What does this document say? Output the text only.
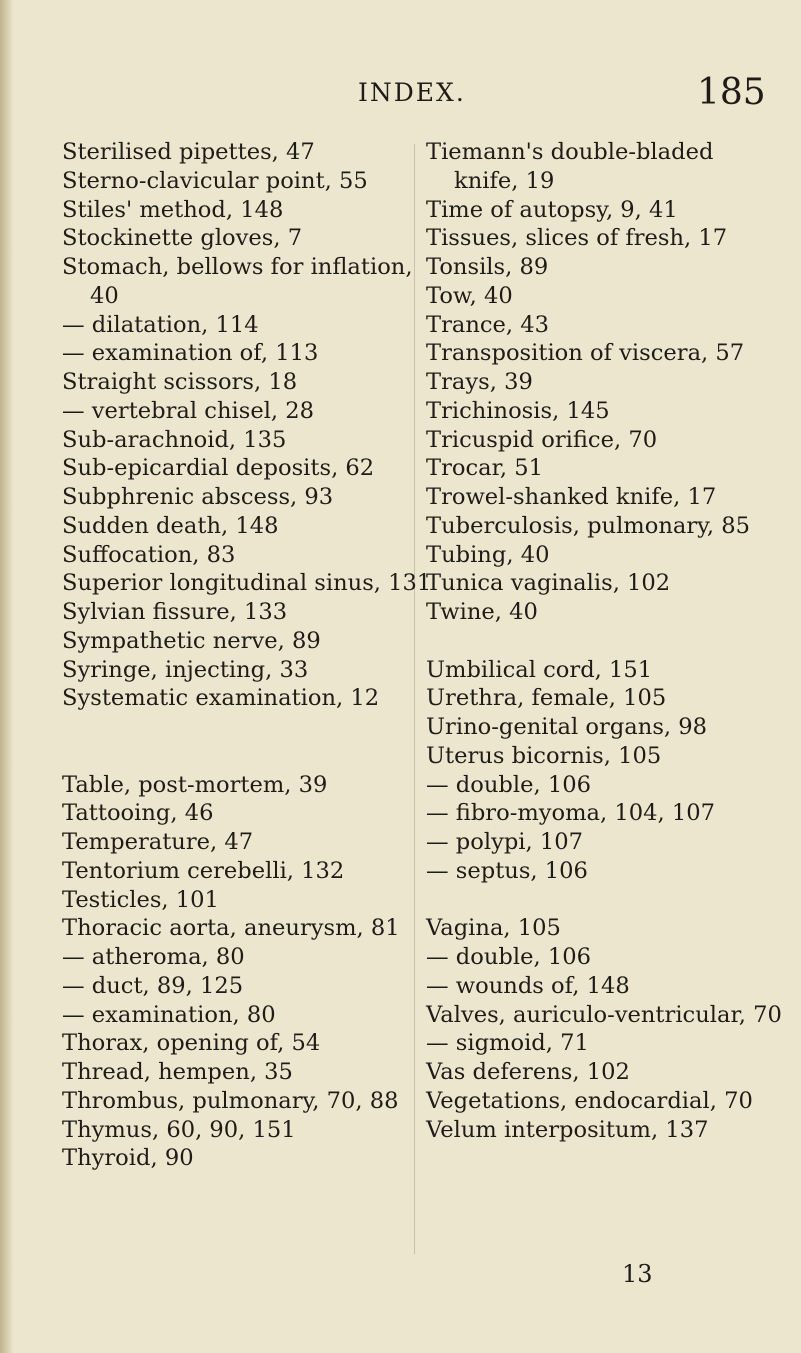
INDEX.	185
Sterilised pipettes, 47
Sterno-clavicular point, 55
Stiles' method, 148
Stockinette gloves, 7
Stomach, bellows for inflation, 40
— dilatation, 114
— examination of, 113
Straight scissors, 18
— vertebral chisel, 28
Sub-arachnoid, 135
Sub-epicardial deposits, 62
Subphrenic abscess, 93
Sudden death, 148
Suffocation, 83
Superior longitudinal sinus, 131
Sylvian fissure, 133
Sympathetic nerve, 89
Syringe, injecting, 33
Systematic examination, 12
Table, post-mortem, 39
Tattooing, 46
Temperature, 47
Tentorium cerebelli, 132
Testicles, 101
Thoracic aorta, aneurysm, 81
— atheroma, 80
— duct, 89, 125
— examination, 80
Thorax, opening of, 54
Thread, hempen, 35
Thrombus, pulmonary, 70, 88
Thymus, 60, 90, 151
Thyroid, 90
Tiemann's double-bladed knife, 19
Time of autopsy, 9, 41
Tissues, slices of fresh, 17
Tonsils, 89
Tow, 40
Trance, 43
Transposition of viscera, 57
Trays, 39
Trichinosis, 145
Tricuspid orifice, 70
Trocar, 51
Trowel-shanked knife, 17
Tuberculosis, pulmonary, 85
Tubing, 40
Tunica vaginalis, 102
Twine, 40
Umbilical cord, 151
Urethra, female, 105
Urino-genital organs, 98
Uterus bicornis, 105
— double, 106
— fibro-myoma, 104, 107
— polypi, 107
— septus, 106
Vagina, 105
— double, 106
— wounds of, 148
Valves, auriculo-ventricular, 70
— sigmoid, 71
Vas deferens, 102
Vegetations, endocardial, 70
Velum interpositum, 137
13
